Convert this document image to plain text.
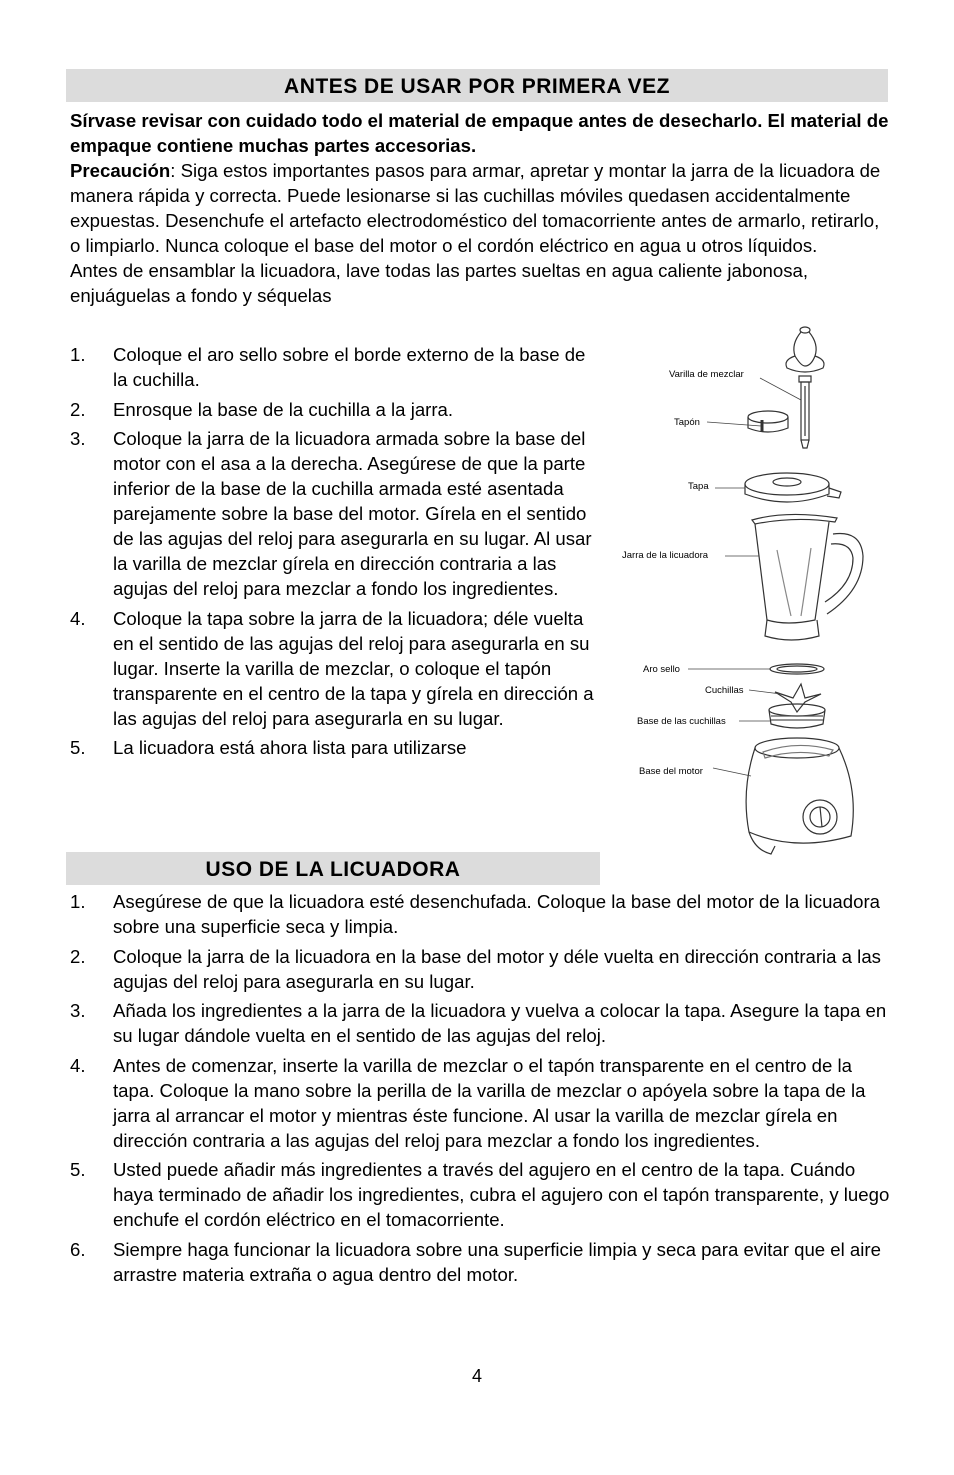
ANTES DE USAR POR PRIMERA VEZ

Sírvase revisar con cuidado todo el material de empaque antes de desecharlo. El material de empaque contiene muchas partes accesorias.

Precaución: Siga estos importantes pasos para armar, apretar y montar la jarra de la licuadora de manera rápida y correcta. Puede lesionarse si las cuchillas móviles quedasen accidentalmente expuestas. Desenchufe el artefacto electrodoméstico del tomacorriente antes de armarlo, retirarlo, o limpiarlo. Nunca coloque el base del motor o el cordón eléctrico en agua u otros líquidos.

Antes de ensamblar la licuadora, lave todas las partes sueltas en agua caliente jabonosa, enjuáguelas a fondo y séquelas

1. Coloque el aro sello sobre el borde externo de la base de la cuchilla.
2. Enrosque la base de la cuchilla a la jarra.
3. Coloque la jarra de la licuadora armada sobre la base del motor con el asa a la derecha. Asegúrese de que la parte inferior de la base de la cuchilla armada esté asentada parejamente sobre la base del motor. Gírela en el sentido de las agujas del reloj para asegurarla en su lugar. Al usar la varilla de mezclar gírela en dirección contraria a las agujas del reloj para mezclar a fondo los ingredientes.
4. Coloque la tapa sobre la jarra de la licuadora; déle vuelta en el sentido de las agujas del reloj para asegurarla en su lugar. Inserte la varilla de mezclar, o coloque el tapón transparente en el centro de la tapa y gírela en dirección a las agujas del reloj para asegurarla en su lugar.
5. La licuadora está ahora lista para utilizarse
Varilla de mezclar
Tapón
Tapa
Jarra de la licuadora
Aro sello
Cuchillas
Base de las cuchillas
Base del motor
USO DE LA LICUADORA
1. Asegúrese de que la licuadora esté desenchufada. Coloque la base del motor de la licuadora sobre una superficie seca y limpia.
2. Coloque la jarra de la licuadora en la base del motor y déle vuelta en dirección contraria a las agujas del reloj para asegurarla en su lugar.
3. Añada los ingredientes a la jarra de la licuadora y vuelva a colocar la tapa. Asegure la tapa en su lugar dándole vuelta en el sentido de las agujas del reloj.
4. Antes de comenzar, inserte la varilla de mezclar o el tapón transparente en el centro de la tapa. Coloque la mano sobre la perilla de la varilla de mezclar o apóyela sobre la tapa de la jarra al arrancar el motor y mientras éste funcione. Al usar la varilla de mezclar gírela en dirección contraria a las agujas del reloj para mezclar a fondo los ingredientes.
5. Usted puede añadir más ingredientes a través del agujero en el centro de la tapa. Cuándo haya terminado de añadir los ingredientes, cubra el agujero con el tapón transparente, y luego enchufe el cordón eléctrico en el tomacorriente.
6. Siempre haga funcionar la licuadora sobre una superficie limpia y seca para evitar que el aire arrastre materia extraña o agua dentro del motor.
4
